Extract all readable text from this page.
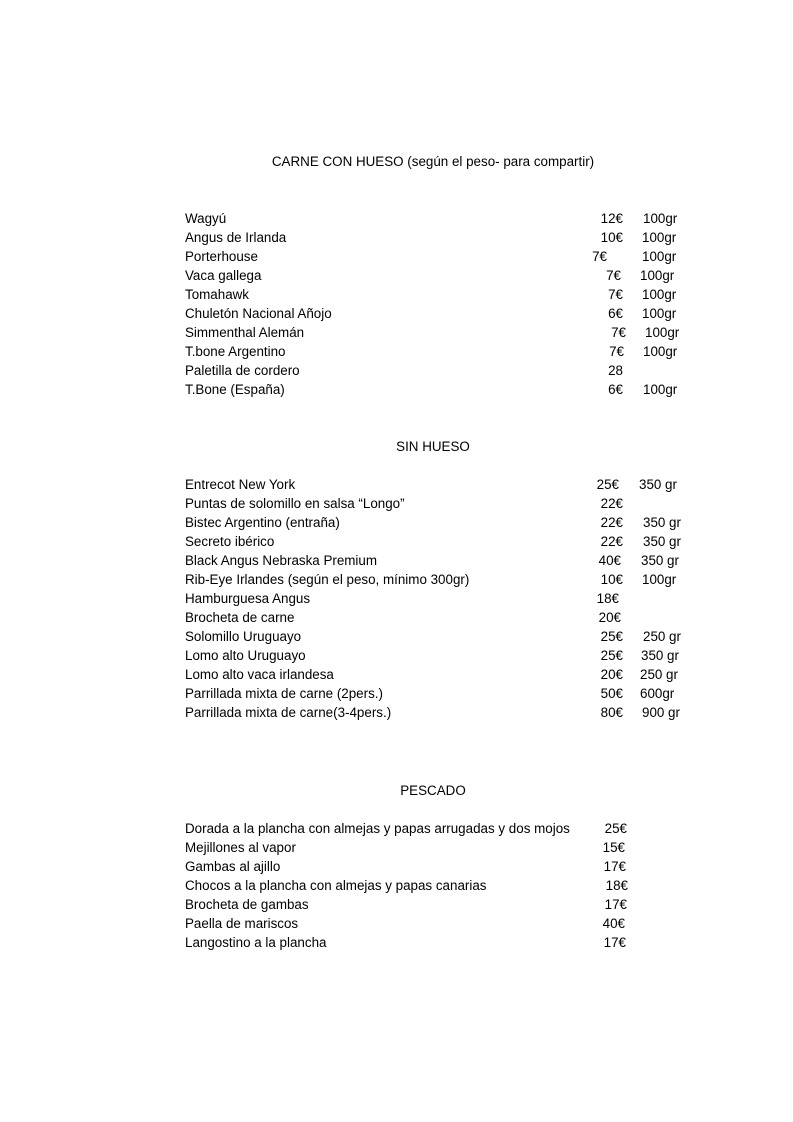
CARNE CON HUESO (según el peso- para compartir)
Wagyú	12€ 100gr
Angus de Irlanda	10€ 100gr
Porterhouse	7€	100gr
Vaca gallega	7€ 100gr
Tomahawk	7€ 100gr
Chuletón Nacional Añojo	6€ 100gr
Simmenthal Alemán	7€ 100gr
T.bone Argentino	7€ 100gr
Paletilla de cordero	28
T.Bone (España)	6€ 100gr
SIN HUESO
Entrecot New York	25€ 350 gr
Puntas de solomillo en salsa “Longo”	22€
Bistec Argentino (entraña)	22€ 350 gr
Secreto ibérico	22€ 350 gr
Black Angus Nebraska Premium	40€ 350 gr
Rib-Eye Irlandes (según el peso, mínimo 300gr)	10€ 100gr
Hamburguesa Angus	18€
Brocheta de carne	20€
Solomillo Uruguayo	25€ 250 gr
Lomo alto Uruguayo	25€ 350 gr
Lomo alto vaca irlandesa	20€ 250 gr
Parrillada mixta de carne (2pers.)	50€ 600gr
Parrillada mixta de carne(3-4pers.)	80€ 900 gr
PESCADO
Dorada a la plancha con almejas y papas arrugadas y dos mojos	25€
Mejillones al vapor	15€
Gambas al ajillo	17€
Chocos a la plancha con almejas y papas canarias	18€
Brocheta de gambas	17€
Paella de mariscos	40€
Langostino a la plancha	17€
